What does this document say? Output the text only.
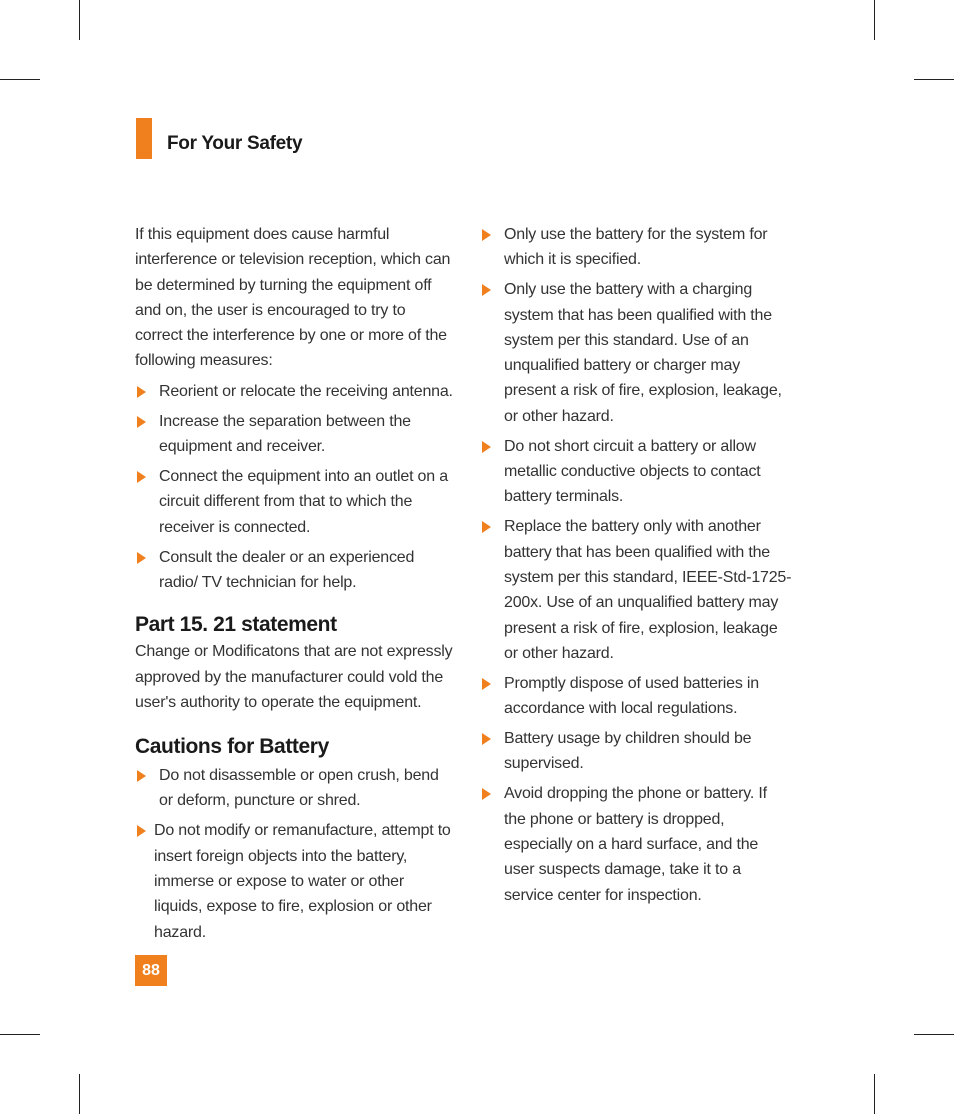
For Your Safety

If this equipment does cause harmful interference or television reception, which can be determined by turning the equipment off and on, the user is encouraged to try to correct the interference by one or more of the following measures:

Reorient or relocate the receiving antenna.
Increase the separation between the equipment and receiver.
Connect the equipment into an outlet on a circuit different from that to which the receiver is connected.
Consult the dealer or an experienced radio/ TV technician for help.
Part 15. 21 statement

Change or Modificatons that are not expressly approved by the manufacturer could vold the user's authority to operate the equipment.

Cautions for Battery
Do not disassemble or open crush, bend or deform, puncture or shred.
Do not modify or remanufacture, attempt to insert foreign objects into the battery, immerse or expose to water or other liquids, expose to fire, explosion or other hazard.
Only use the battery for the system for which it is specified.
Only use the battery with a charging system that has been qualified with the system per this standard. Use of an unqualified battery or charger may present a risk of fire, explosion, leakage, or other hazard.
Do not short circuit a battery or allow metallic conductive objects to contact battery terminals.
Replace the battery only with another battery that has been qualified with the system per this standard, IEEE-Std-1725-200x. Use of an unqualified battery may present a risk of fire, explosion, leakage or other hazard.
Promptly dispose of used batteries in accordance with local regulations.
Battery usage by children should be supervised.
Avoid dropping the phone or battery. If the phone or battery is dropped, especially on a hard surface, and the user suspects damage, take it to a service center for inspection.
88
